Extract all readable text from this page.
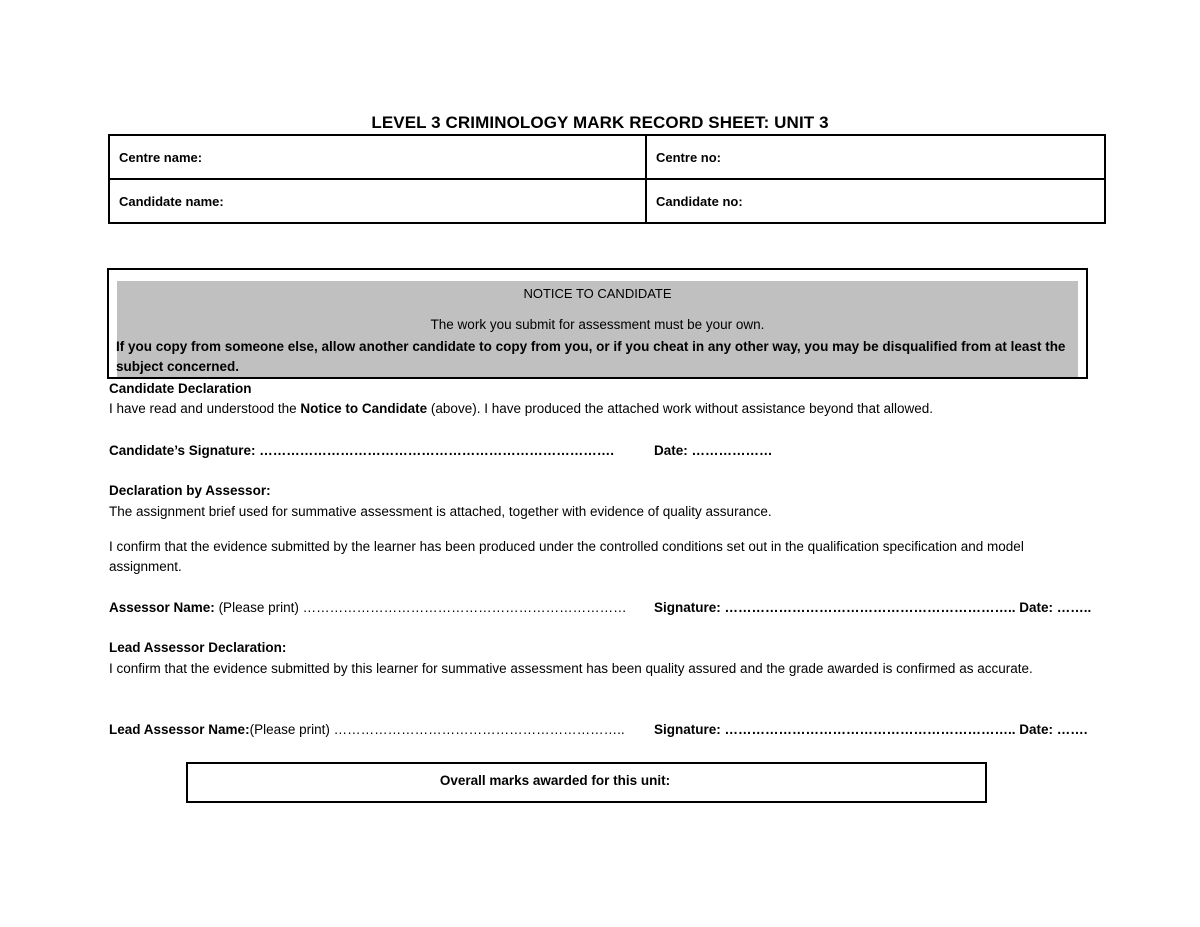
LEVEL 3 CRIMINOLOGY MARK RECORD SHEET: UNIT 3
Centre name:	Centre no:
Candidate name:	Candidate no:
NOTICE TO CANDIDATE
The work you submit for assessment must be your own.
If you copy from someone else, allow another candidate to copy from you, or if you cheat in any other way, you may be disqualified from at least the subject concerned.
Candidate Declaration
I have read and understood the Notice to Candidate (above). I have produced the attached work without assistance beyond that allowed.
Candidate’s Signature: …………………………………………………………………….	Date: ………………
Declaration by Assessor:
The assignment brief used for summative assessment is attached, together with evidence of quality assurance.
I confirm that the evidence submitted by the learner has been produced under the controlled conditions set out in the qualification specification and model assignment.
Assessor Name: (Please print) ……………………………………………………………… Signature: ……………………………………………………….. Date: ……..
Lead Assessor Declaration:
I confirm that the evidence submitted by this learner for summative assessment has been quality assured and the grade awarded is confirmed as accurate.
Lead Assessor Name:(Please print) ……………………………………………………….. Signature: ……………………………………………………….. Date: …….
Overall marks awarded for this unit:
